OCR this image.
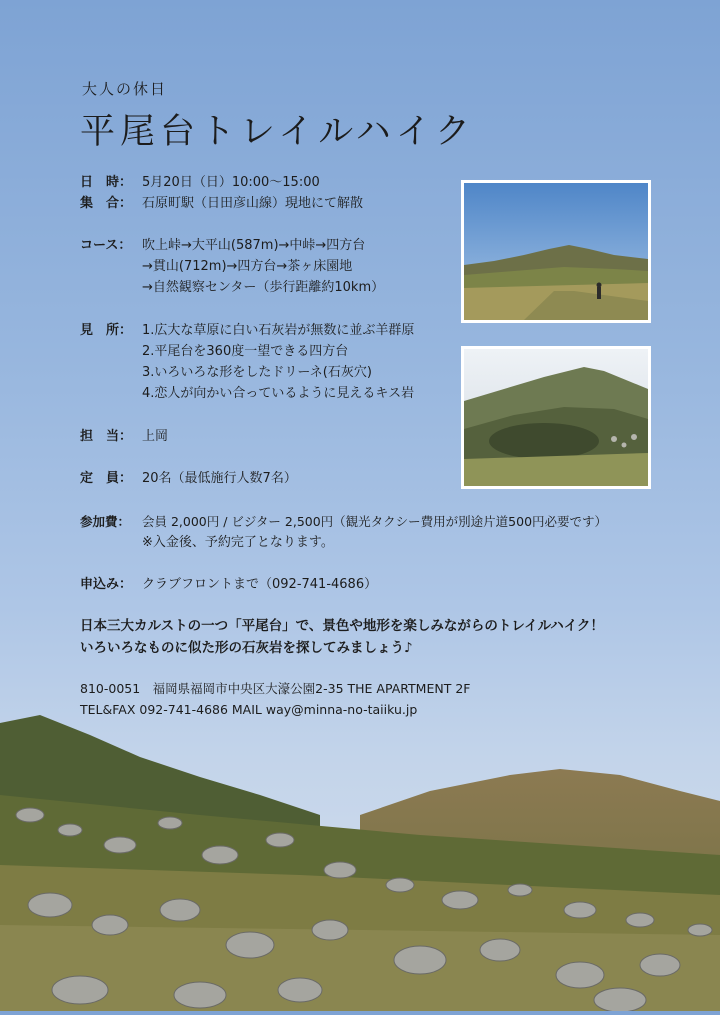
大人の休日
平尾台トレイルハイク
日　時： 5月20日（日）10:00〜15:00
集　合： 石原町駅（日田彦山線）現地にて解散
コース： 吹上峠→大平山(587m)→中峠→四方台
→貫山(712m)→四方台→茶ヶ床園地
→自然観察センター（歩行距離約10km）
見　所： 1.広大な草原に白い石灰岩が無数に並ぶ羊群原
2.平尾台を360度一望できる四方台
3.いろいろな形をしたドリーネ(石灰穴)
4.恋人が向かい合っているように見えるキス岩
担　当： 上岡
定　員： 20名（最低施行人数7名）
参加費： 会員 2,000円 / ビジター 2,500円（観光タクシー費用が別途片道500円必要です）
※入金後、予約完了となります。
申込み： クラブフロントまで（092-741-4686）
日本三大カルストの一つ「平尾台」で、景色や地形を楽しみながらのトレイルハイク！
いろいろなものに似た形の石灰岩を探してみましょう♪
810-0051　福岡県福岡市中央区大濠公園2-35 THE APARTMENT 2F
TEL&FAX 092-741-4686 MAIL way@minna-no-taiiku.jp
